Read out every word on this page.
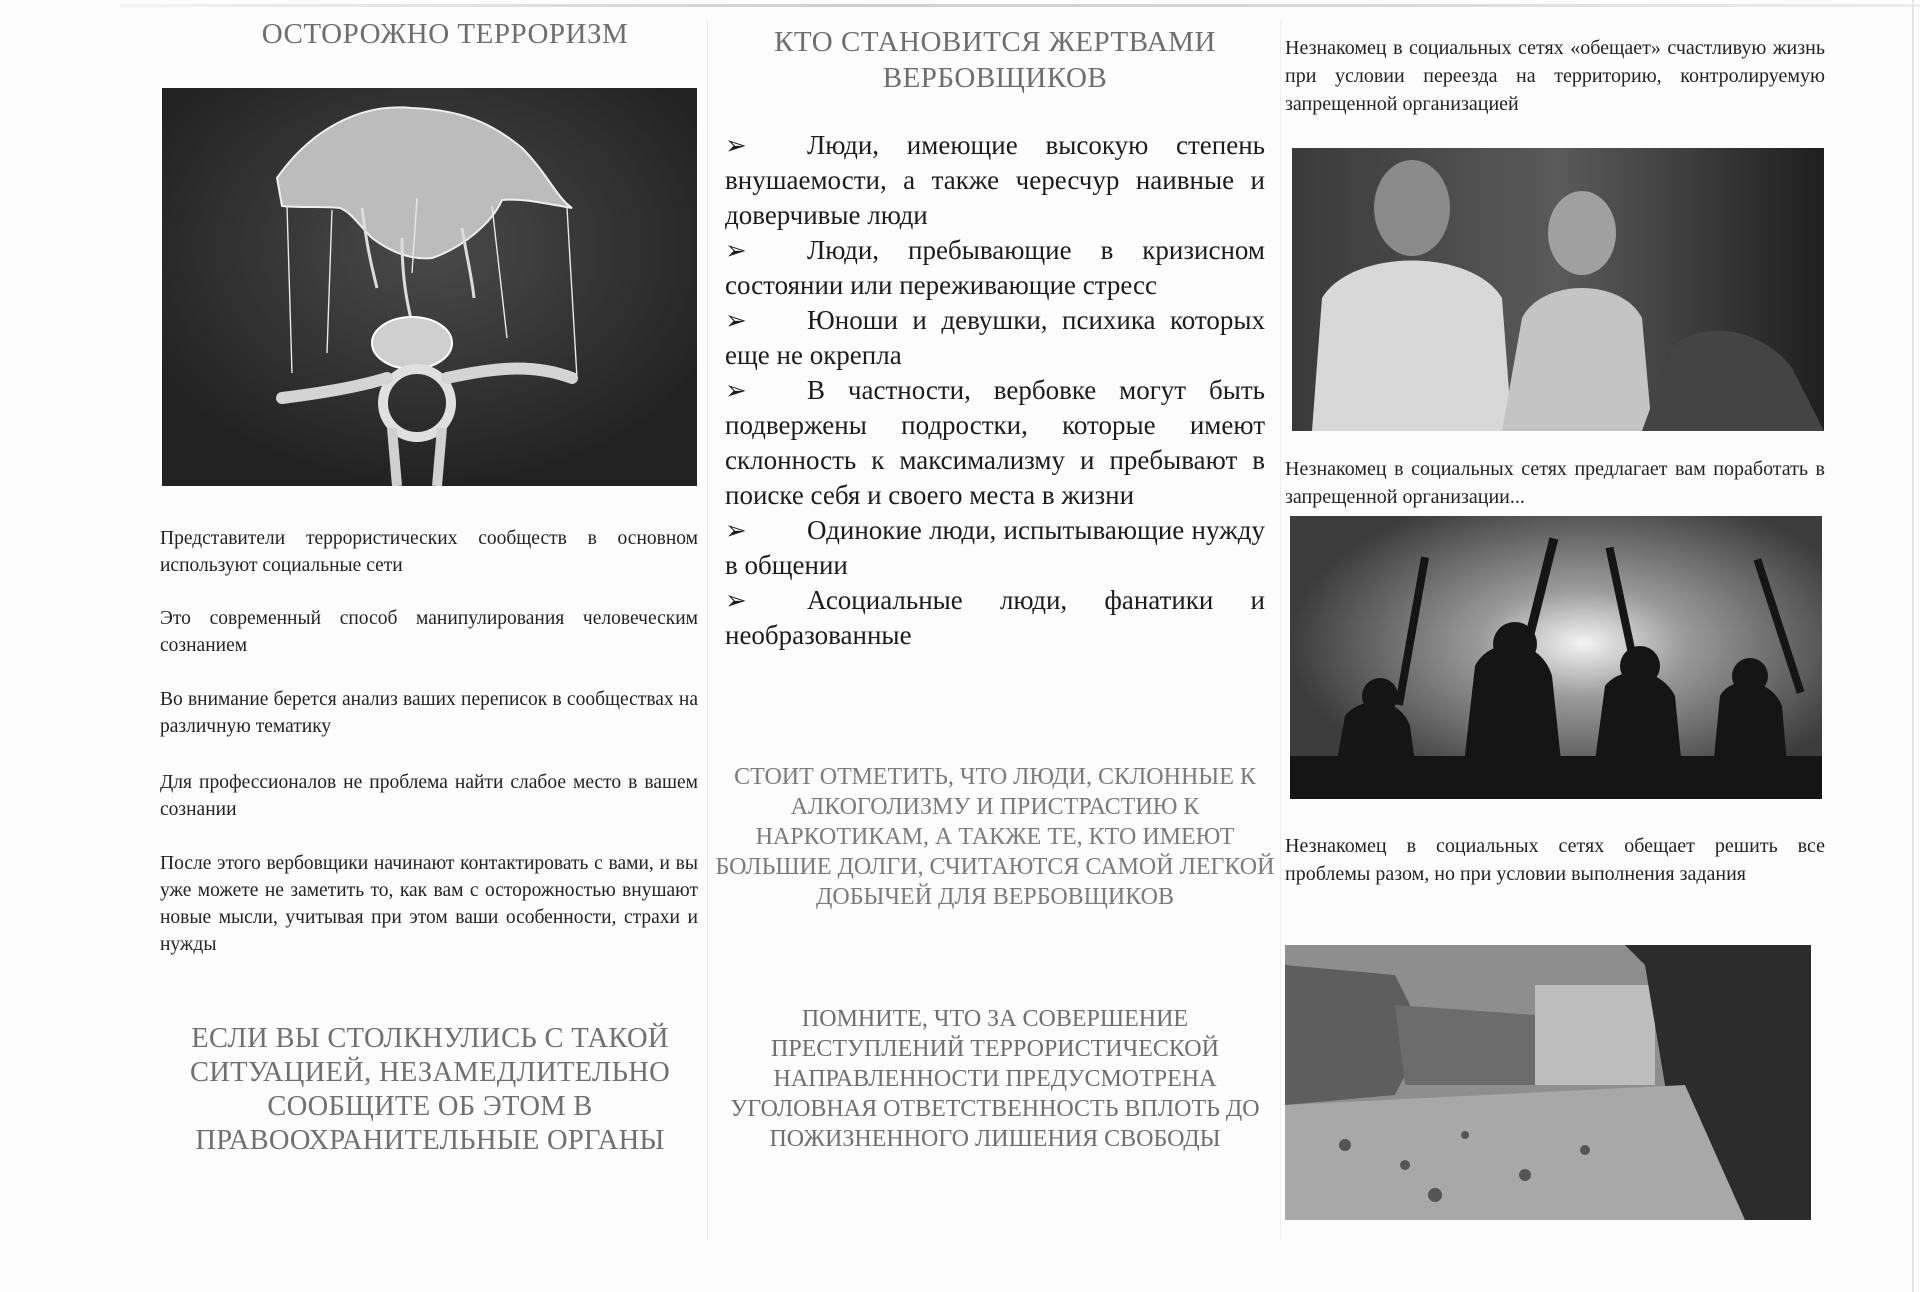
ОСТОРОЖНО ТЕРРОРИЗМ
Представители террористических сообществ в основном используют социальные сети
Это современный способ манипулирования человеческим сознанием
Во внимание берется анализ ваших переписок в сообществах на различную тематику
Для профессионалов не проблема найти слабое место в вашем сознании
После этого вербовщики начинают контактировать с вами, и вы уже можете не заметить то, как вам с осторожностью внушают новые мысли, учитывая при этом ваши особенности, страхи и нужды
ЕСЛИ ВЫ СТОЛКНУЛИСЬ С ТАКОЙ СИТУАЦИЕЙ, НЕЗАМЕДЛИТЕЛЬНО СООБЩИТЕ ОБ ЭТОМ В ПРАВООХРАНИТЕЛЬНЫЕ ОРГАНЫ
КТО СТАНОВИТСЯ ЖЕРТВАМИ ВЕРБОВЩИКОВ
➢ Люди, имеющие высокую степень внушаемости, а также чересчур наивные и доверчивые люди
➢ Люди, пребывающие в кризисном состоянии или переживающие стресс
➢ Юноши и девушки, психика которых еще не окрепла
➢ В частности, вербовке могут быть подвержены подростки, которые имеют склонность к максимализму и пребывают в поиске себя и своего места в жизни
➢ Одинокие люди, испытывающие нужду в общении
➢ Асоциальные люди, фанатики и необразованные
СТОИТ ОТМЕТИТЬ, ЧТО ЛЮДИ, СКЛОННЫЕ К АЛКОГОЛИЗМУ И ПРИСТРАСТИЮ К НАРКОТИКАМ, А ТАКЖЕ ТЕ, КТО ИМЕЮТ БОЛЬШИЕ ДОЛГИ, СЧИТАЮТСЯ САМОЙ ЛЕГКОЙ ДОБЫЧЕЙ ДЛЯ ВЕРБОВЩИКОВ
ПОМНИТЕ, ЧТО ЗА СОВЕРШЕНИЕ ПРЕСТУПЛЕНИЙ ТЕРРОРИСТИЧЕСКОЙ НАПРАВЛЕННОСТИ ПРЕДУСМОТРЕНА УГОЛОВНАЯ ОТВЕТСТВЕННОСТЬ ВПЛОТЬ ДО ПОЖИЗНЕННОГО ЛИШЕНИЯ СВОБОДЫ
Незнакомец в социальных сетях «обещает» счастливую жизнь при условии переезда на территорию, контролируемую запрещенной организацией
Незнакомец в социальных сетях предлагает вам поработать в запрещенной организации...
Незнакомец в социальных сетях обещает решить все проблемы разом, но при условии выполнения задания
